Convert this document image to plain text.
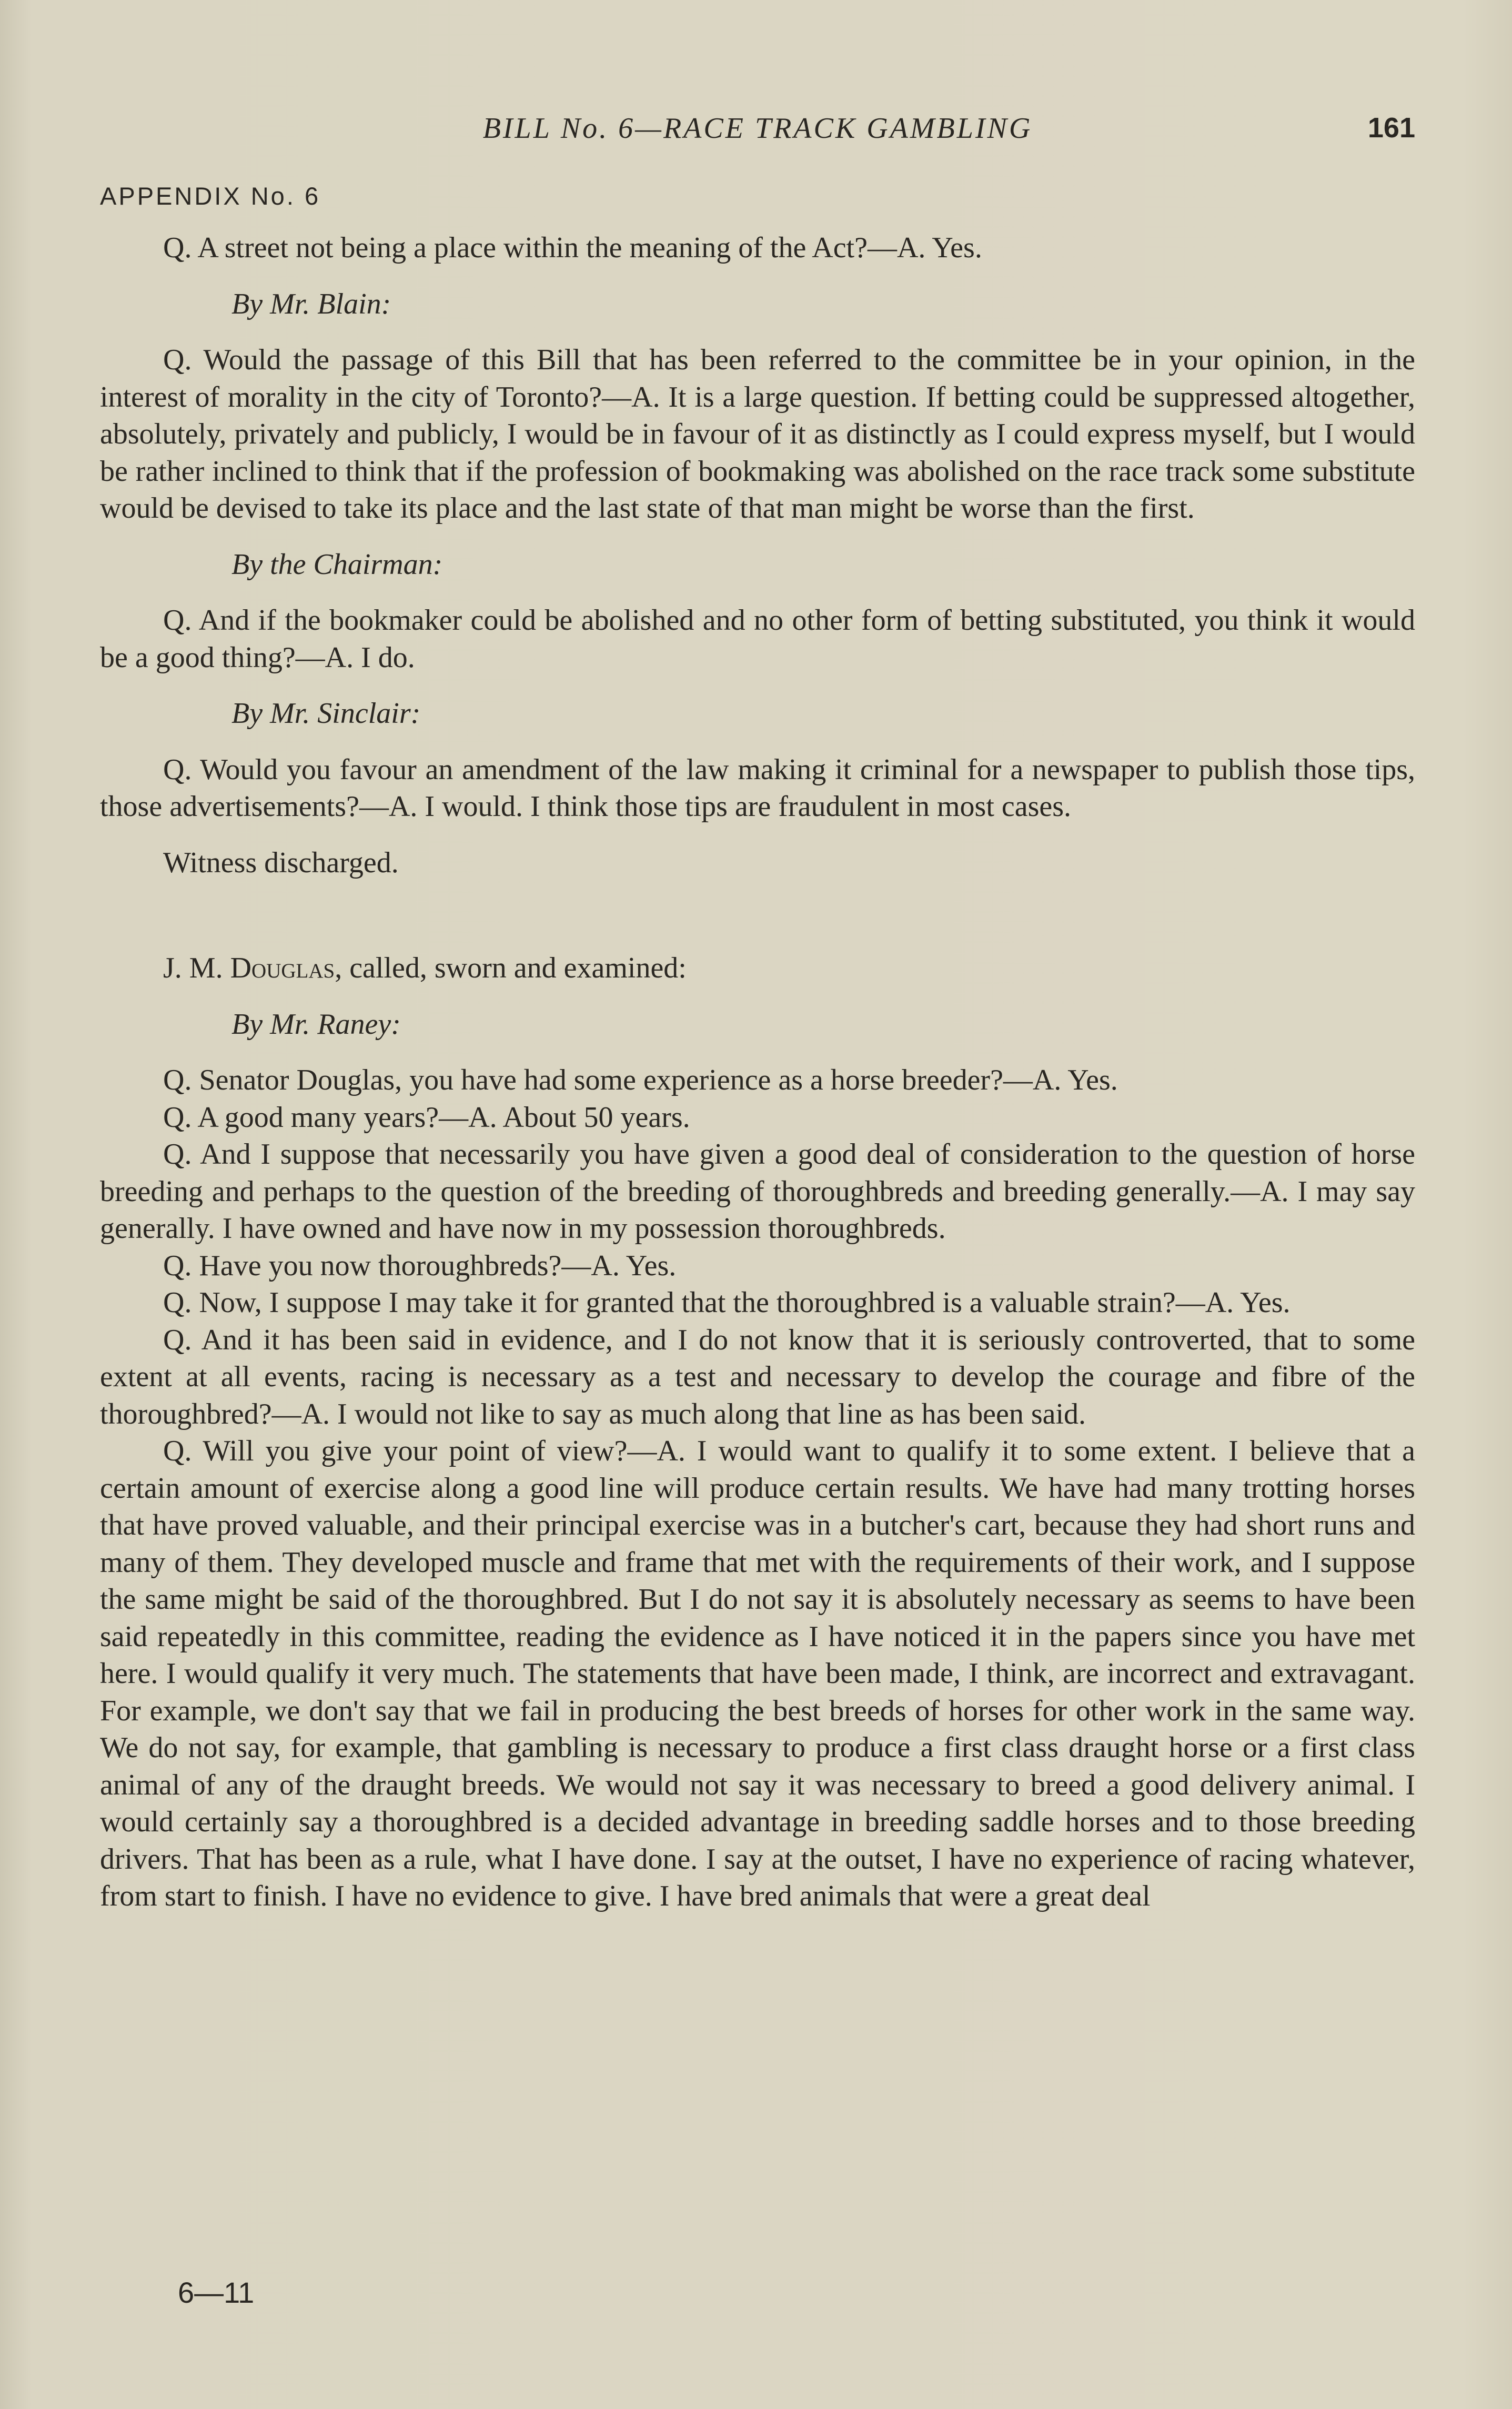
BILL No. 6—RACE TRACK GAMBLING	161
APPENDIX No. 6

Q. A street not being a place within the meaning of the Act?—A. Yes.

By Mr. Blain:

Q. Would the passage of this Bill that has been referred to the committee be in your opinion, in the interest of morality in the city of Toronto?—A. It is a large question. If betting could be suppressed altogether, absolutely, privately and publicly, I would be in favour of it as distinctly as I could express myself, but I would be rather inclined to think that if the profession of bookmaking was abolished on the race track some substitute would be devised to take its place and the last state of that man might be worse than the first.

By the Chairman:

Q. And if the bookmaker could be abolished and no other form of betting substituted, you think it would be a good thing?—A. I do.

By Mr. Sinclair:

Q. Would you favour an amendment of the law making it criminal for a newspaper to publish those tips, those advertisements?—A. I would. I think those tips are fraudulent in most cases.

Witness discharged.

J. M. Douglas, called, sworn and examined:

By Mr. Raney:

Q. Senator Douglas, you have had some experience as a horse breeder?—A. Yes.

Q. A good many years?—A. About 50 years.

Q. And I suppose that necessarily you have given a good deal of consideration to the question of horse breeding and perhaps to the question of the breeding of thoroughbreds and breeding generally.—A. I may say generally. I have owned and have now in my possession thoroughbreds.

Q. Have you now thoroughbreds?—A. Yes.

Q. Now, I suppose I may take it for granted that the thoroughbred is a valuable strain?—A. Yes.

Q. And it has been said in evidence, and I do not know that it is seriously controverted, that to some extent at all events, racing is necessary as a test and necessary to develop the courage and fibre of the thoroughbred?—A. I would not like to say as much along that line as has been said.

Q. Will you give your point of view?—A. I would want to qualify it to some extent. I believe that a certain amount of exercise along a good line will produce certain results. We have had many trotting horses that have proved valuable, and their principal exercise was in a butcher's cart, because they had short runs and many of them. They developed muscle and frame that met with the requirements of their work, and I suppose the same might be said of the thoroughbred. But I do not say it is absolutely necessary as seems to have been said repeatedly in this committee, reading the evidence as I have noticed it in the papers since you have met here. I would qualify it very much. The statements that have been made, I think, are incorrect and extravagant. For example, we don't say that we fail in producing the best breeds of horses for other work in the same way. We do not say, for example, that gambling is necessary to produce a first class draught horse or a first class animal of any of the draught breeds. We would not say it was necessary to breed a good delivery animal. I would certainly say a thoroughbred is a decided advantage in breeding saddle horses and to those breeding drivers. That has been as a rule, what I have done. I say at the outset, I have no experience of racing whatever, from start to finish. I have no evidence to give. I have bred animals that were a great deal

6—11
